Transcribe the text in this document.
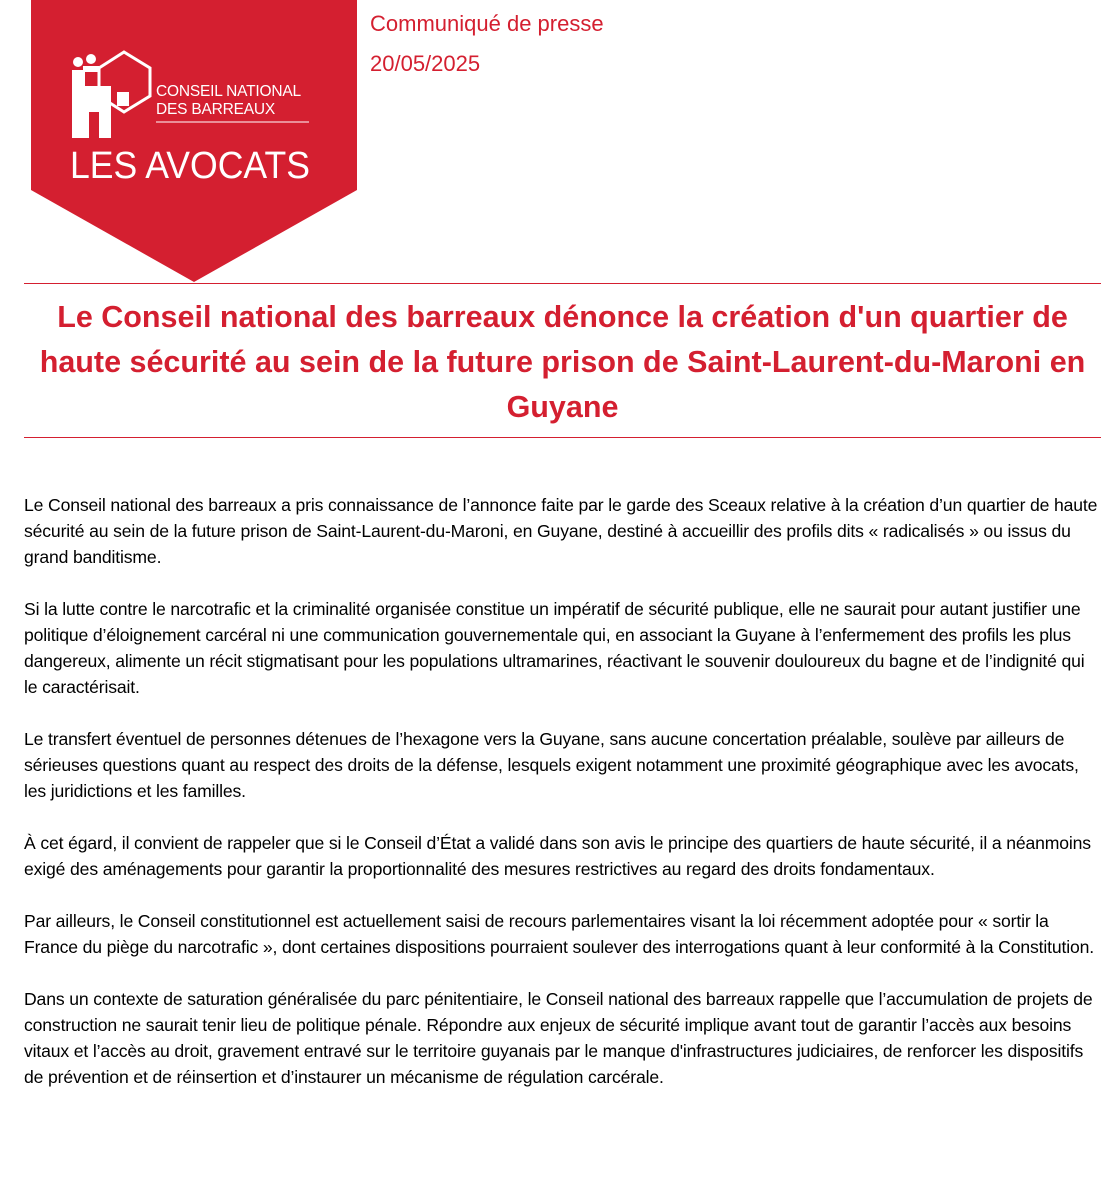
CONSEIL NATIONAL
DES BARREAUX
LES AVOCATS
Communiqué de presse
20/05/2025
Le Conseil national des barreaux dénonce la création d'un quartier de haute sécurité au sein de la future prison de Saint-Laurent-du-Maroni en Guyane

Le Conseil national des barreaux a pris connaissance de l’annonce faite par le garde des Sceaux relative à la création d’un quartier de haute sécurité au sein de la future prison de Saint-Laurent-du-Maroni, en Guyane, destiné à accueillir des profils dits « radicalisés » ou issus du grand banditisme.

Si la lutte contre le narcotrafic et la criminalité organisée constitue un impératif de sécurité publique, elle ne saurait pour autant justifier une politique d’éloignement carcéral ni une communication gouvernementale qui, en associant la Guyane à l’enfermement des profils les plus dangereux, alimente un récit stigmatisant pour les populations ultramarines, réactivant le souvenir douloureux du bagne et de l’indignité qui le caractérisait.

Le transfert éventuel de personnes détenues de l’hexagone vers la Guyane, sans aucune concertation préalable, soulève par ailleurs de sérieuses questions quant au respect des droits de la défense, lesquels exigent notamment une proximité géographique avec les avocats, les juridictions et les familles.

À cet égard, il convient de rappeler que si le Conseil d’État a validé dans son avis le principe des quartiers de haute sécurité, il a néanmoins exigé des aménagements pour garantir la proportionnalité des mesures restrictives au regard des droits fondamentaux.

Par ailleurs, le Conseil constitutionnel est actuellement saisi de recours parlementaires visant la loi récemment adoptée pour « sortir la France du piège du narcotrafic », dont certaines dispositions pourraient soulever des interrogations quant à leur conformité à la Constitution.

Dans un contexte de saturation généralisée du parc pénitentiaire, le Conseil national des barreaux rappelle que l’accumulation de projets de construction ne saurait tenir lieu de politique pénale. Répondre aux enjeux de sécurité implique avant tout de garantir l’accès aux besoins vitaux et l’accès au droit, gravement entravé sur le territoire guyanais par le manque d'infrastructures judiciaires, de renforcer les dispositifs de prévention et de réinsertion et d’instaurer un mécanisme de régulation carcérale.
